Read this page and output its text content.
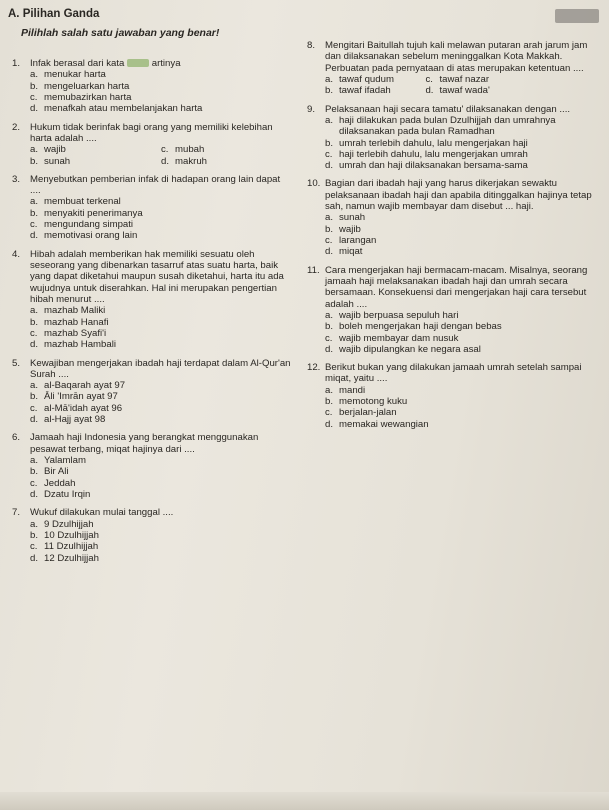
A. Pilihan Ganda
Pilihlah salah satu jawaban yang benar!
1.	Infak berasal dari kata  artinya
a. menukar harta
b. mengeluarkan harta
c. memubazirkan harta
d. menafkah atau membelanjakan harta
2.	Hukum tidak berinfak bagi orang yang memiliki kelebihan harta adalah ....
a. wajib	c. mubah
b. sunah	d. makruh
3.	Menyebutkan pemberian infak di hadapan orang lain dapat ....
a. membuat terkenal
b. menyakiti penerimanya
c. mengundang simpati
d. memotivasi orang lain
4.	Hibah adalah memberikan hak memiliki sesuatu oleh seseorang yang dibenarkan tasarruf atas suatu harta, baik yang dapat diketahui maupun susah diketahui, harta itu ada wujudnya untuk diserahkan. Hal ini merupakan pengertian hibah menurut ....
a. mazhab Maliki
b. mazhab Hanafi
c. mazhab Syafi'i
d. mazhab Hambali
5.	Kewajiban mengerjakan ibadah haji terdapat dalam Al-Qur'an Surah ....
a. al-Baqarah ayat 97
b. Āli 'Imrān ayat 97
c. al-Mā'idah ayat 96
d. al-Hajj ayat 98
6.	Jamaah haji Indonesia yang berangkat menggunakan pesawat terbang, miqat hajinya dari ....
a. Yalamlam
b. Bir Ali
c. Jeddah
d. Dzatu Irqin
7.	Wukuf dilakukan mulai tanggal ....
a. 9 Dzulhijjah
b. 10 Dzulhijjah
c. 11 Dzulhijjah
d. 12 Dzulhijjah
8.	Mengitari Baitullah tujuh kali melawan putaran arah jarum jam dan dilaksanakan sebelum meninggalkan Kota Makkah. Perbuatan pada pernyataan di atas merupakan ketentuan ....
a. tawaf qudum	c. tawaf nazar
b. tawaf ifadah	d. tawaf wada'
9.	Pelaksanaan haji secara tamatu' dilaksanakan dengan ....
a. haji dilakukan pada bulan Dzulhijjah dan umrahnya dilaksanakan pada bulan Ramadhan
b. umrah terlebih dahulu, lalu mengerjakan haji
c. haji terlebih dahulu, lalu mengerjakan umrah
d. umrah dan haji dilaksanakan bersama-sama
10. Bagian dari ibadah haji yang harus dikerjakan sewaktu pelaksanaan ibadah haji dan apabila ditinggalkan hajinya tetap sah, namun wajib membayar dam disebut ... haji.
a. sunah
b. wajib
c. larangan
d. miqat
11. Cara mengerjakan haji bermacam-macam. Misalnya, seorang jamaah haji melaksanakan ibadah haji dan umrah secara bersamaan. Konsekuensi dari mengerjakan haji cara tersebut adalah ....
a. wajib berpuasa sepuluh hari
b. boleh mengerjakan haji dengan bebas
c. wajib membayar dam nusuk
d. wajib dipulangkan ke negara asal
12. Berikut bukan yang dilakukan jamaah umrah setelah sampai miqat, yaitu ....
a. mandi
b. memotong kuku
c. berjalan-jalan
d. memakai wewangian
